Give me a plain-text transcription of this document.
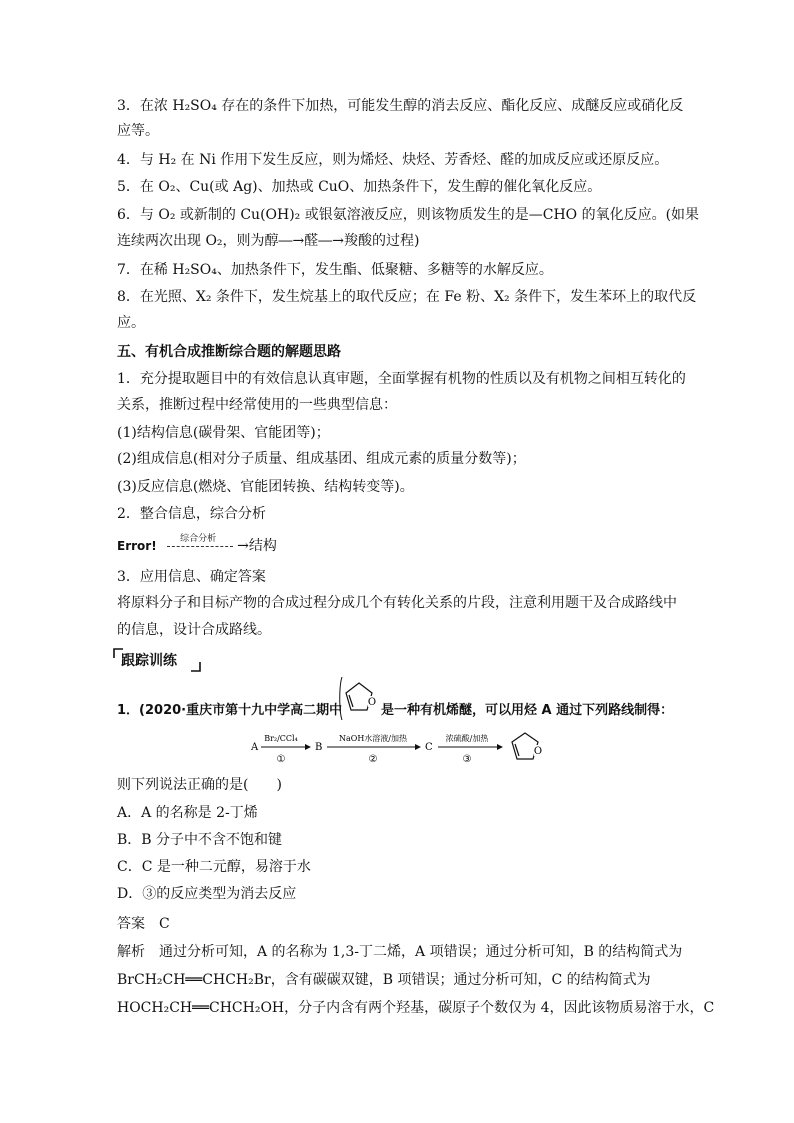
3．在浓 H₂SO₄ 存在的条件下加热，可能发生醇的消去反应、酯化反应、成醚反应或硝化反
应等。
4．与 H₂ 在 Ni 作用下发生反应，则为烯烃、炔烃、芳香烃、醛的加成反应或还原反应。
5．在 O₂、Cu(或 Ag)、加热或 CuO、加热条件下，发生醇的催化氧化反应。
6．与 O₂ 或新制的 Cu(OH)₂ 或银氨溶液反应，则该物质发生的是—CHO 的氧化反应。(如果
连续两次出现 O₂，则为醇―→醛―→羧酸的过程)
7．在稀 H₂SO₄、加热条件下，发生酯、低聚糖、多糖等的水解反应。
8．在光照、X₂ 条件下，发生烷基上的取代反应；在 Fe 粉、X₂ 条件下，发生苯环上的取代反
应。
五、有机合成推断综合题的解题思路
1．充分提取题目中的有效信息认真审题，全面掌握有机物的性质以及有机物之间相互转化的
关系，推断过程中经常使用的一些典型信息：
(1)结构信息(碳骨架、官能团等)；
(2)组成信息(相对分子质量、组成基团、组成元素的质量分数等)；
(3)反应信息(燃烧、官能团转换、结构转变等)。
2．整合信息，综合分析
Error!	综合分析 →结构
3．应用信息、确定答案
将原料分子和目标产物的合成过程分成几个有转化关系的片段，注意利用题干及合成路线中
的信息，设计合成路线。
跟踪训练
1．(2020·重庆市第十九中学高二期中
O
是一种有机烯醚，可以用烃 A 通过下列路线制得：
A
Br₂/CCl₄
①
B
NaOH水溶液/加热
②
C
浓硫酸/加热
③
O
则下列说法正确的是(　　)
A．A 的名称是 2-丁烯
B．B 分子中不含不饱和键
C．C 是一种二元醇，易溶于水
D．③的反应类型为消去反应
答案　C
解析　通过分析可知，A 的名称为 1,3-丁二烯，A 项错误；通过分析可知，B 的结构简式为
BrCH₂CH══CHCH₂Br，含有碳碳双键，B 项错误；通过分析可知，C 的结构简式为
HOCH₂CH══CHCH₂OH，分子内含有两个羟基，碳原子个数仅为 4，因此该物质易溶于水，C
